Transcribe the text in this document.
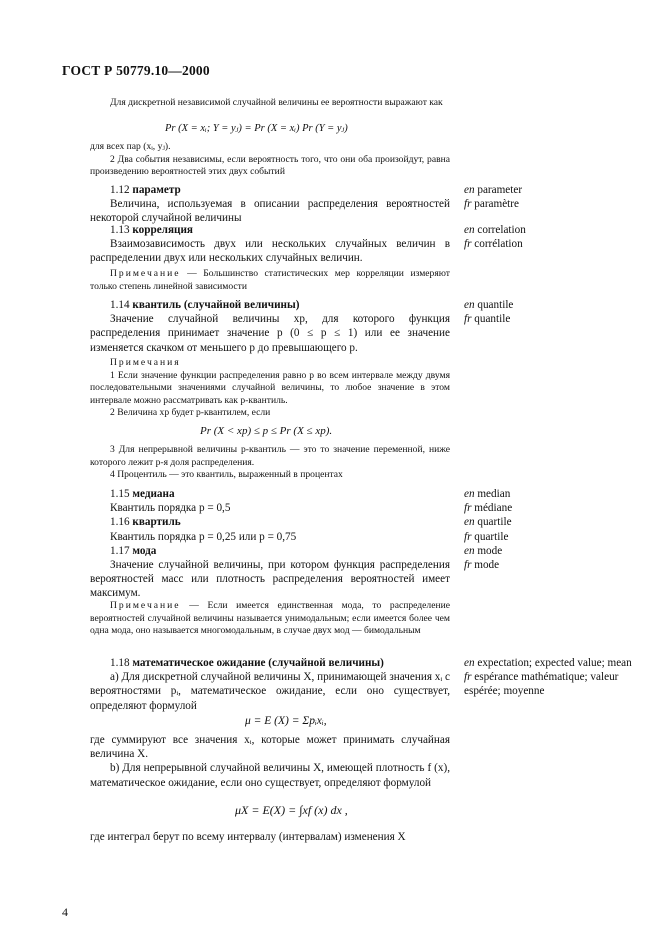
ГОСТ Р 50779.10—2000

Для дискретной независимой случайной величины ее вероятности выражают как

Pr (X = xᵢ; Y = yⱼ) = Pr (X = xᵢ) Pr (Y = yⱼ)

для всех пар (xᵢ, yⱼ).

2 Два события независимы, если вероятность того, что они оба произойдут, равна произведению вероятностей этих двух событий

1.12 параметр

Величина, используемая в описании распределения вероятностей некоторой случайной величины

en parameter
fr paramètre

1.13 корреляция

Взаимозависимость двух или нескольких случайных величин в распределении двух или нескольких случайных величин.

Примечание — Большинство статистических мер корреляции измеряют только степень линейной зависимости

en correlation
fr corrélation

1.14 квантиль (случайной величины)

Значение случайной величины xp, для которого функция распределения принимает значение p (0 ≤ p ≤ 1) или ее значение изменяется скачком от меньшего p до превышающего p.

Примечания

1 Если значение функции распределения равно p во всем интервале между двумя последовательными значениями случайной величины, то любое значение в этом интервале можно рассматривать как p-квантиль.

2 Величина xp будет p-квантилем, если

Pr (X < xp) ≤ p ≤ Pr (X ≤ xp).

3 Для непрерывной величины p-квантиль — это то значение переменной, ниже которого лежит p-я доля распределения.

4 Процентиль — это квантиль, выраженный в процентах

en quantile
fr quantile

1.15 медиана

Квантиль порядка p = 0,5

1.16 квартиль

Квантиль порядка p = 0,25 или p = 0,75

1.17 мода

Значение случайной величины, при котором функция распределения вероятностей масс или плотность распределения вероятностей имеет максимум.

en median
fr médiane
en quartile
fr quartile
en mode
fr mode

Примечание — Если имеется единственная мода, то распределение вероятностей случайной величины называется унимодальным; если имеется более чем одна мода, оно называется многомодальным, в случае двух мод — бимодальным

1.18 математическое ожидание (случайной величины)

a) Для дискретной случайной величины X, принимающей значения xᵢ с вероятностями pᵢ, математическое ожидание, если оно существует, определяют формулой

μ = E (X) = Σpᵢxᵢ,

где суммируют все значения xᵢ, которые может принимать случайная величина X.

b) Для непрерывной случайной величины X, имеющей плотность f (x), математическое ожидание, если оно существует, определяют формулой

μX = E(X) = ∫xf (x) dx ,

где интеграл берут по всему интервалу (интервалам) изменения X

en expectation; expected value; mean
fr espérance mathématique; valeur espérée; moyenne
4
